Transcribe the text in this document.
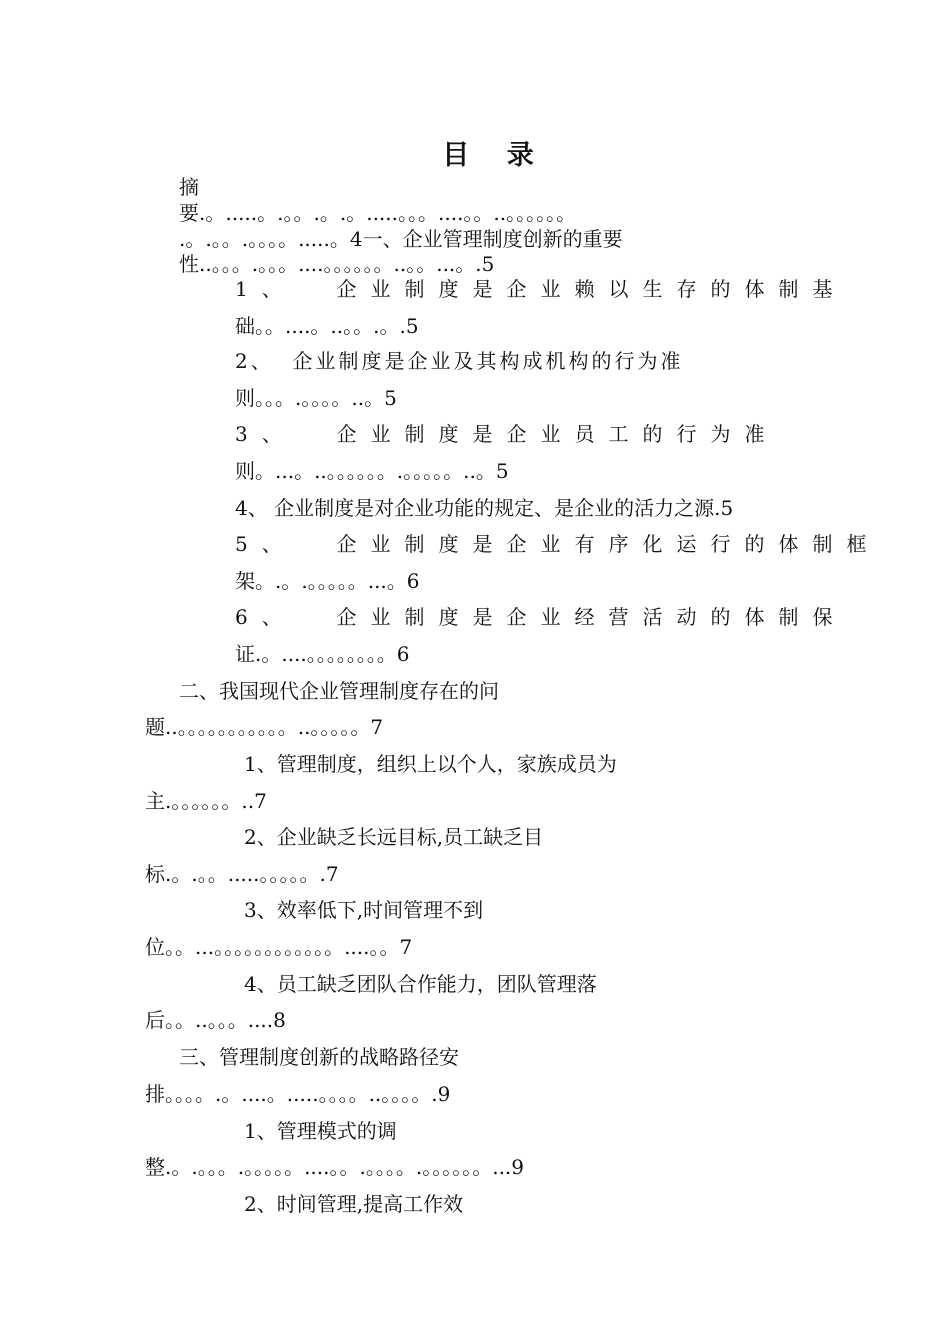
目 录
摘
要.。.....。.。。.。.。.....。。。....。。..。。。。。。
.。.。。.。。。。.....。4一、企业管理制度创新的重要
性..。。。.。。。....。。。。。。..。。...。.5
1、  企业制度是企业赖以生存的体制基
础。。....。..。。.。.5
2、  企业制度是企业及其构成机构的行为准
则。。。.。。。。..。5
3、  企业制度是企业员工的行为准
则。...。..。。。。。。.。。。。。..。5
4、 企业制度是对企业功能的规定、是企业的活力之源.5
5、  企业制度是企业有序化运行的体制框
架。.。.。。。。。...。6
6、  企业制度是企业经营活动的体制保
证.。....。。。。。。。。6
二、我国现代企业管理制度存在的问
题..。。。。。。。。。。。..。。。。。7
1、管理制度，组织上以个人，家族成员为
主.。。。。。。..7
2、企业缺乏长远目标,员工缺乏目
标.。.。。.....。。。。。.7
3、效率低下,时间管理不到
位。。...。。。。。。。。。。。。....。。7
4、员工缺乏团队合作能力，团队管理落
后。。..。。。....8
三、管理制度创新的战略路径安
排。。。。.。....。.....。。。。..。。。。.9
1、管理模式的调
整.。.。。。.。。。。。....。。.。。。。.。。。。。。...9
2、时间管理,提高工作效
